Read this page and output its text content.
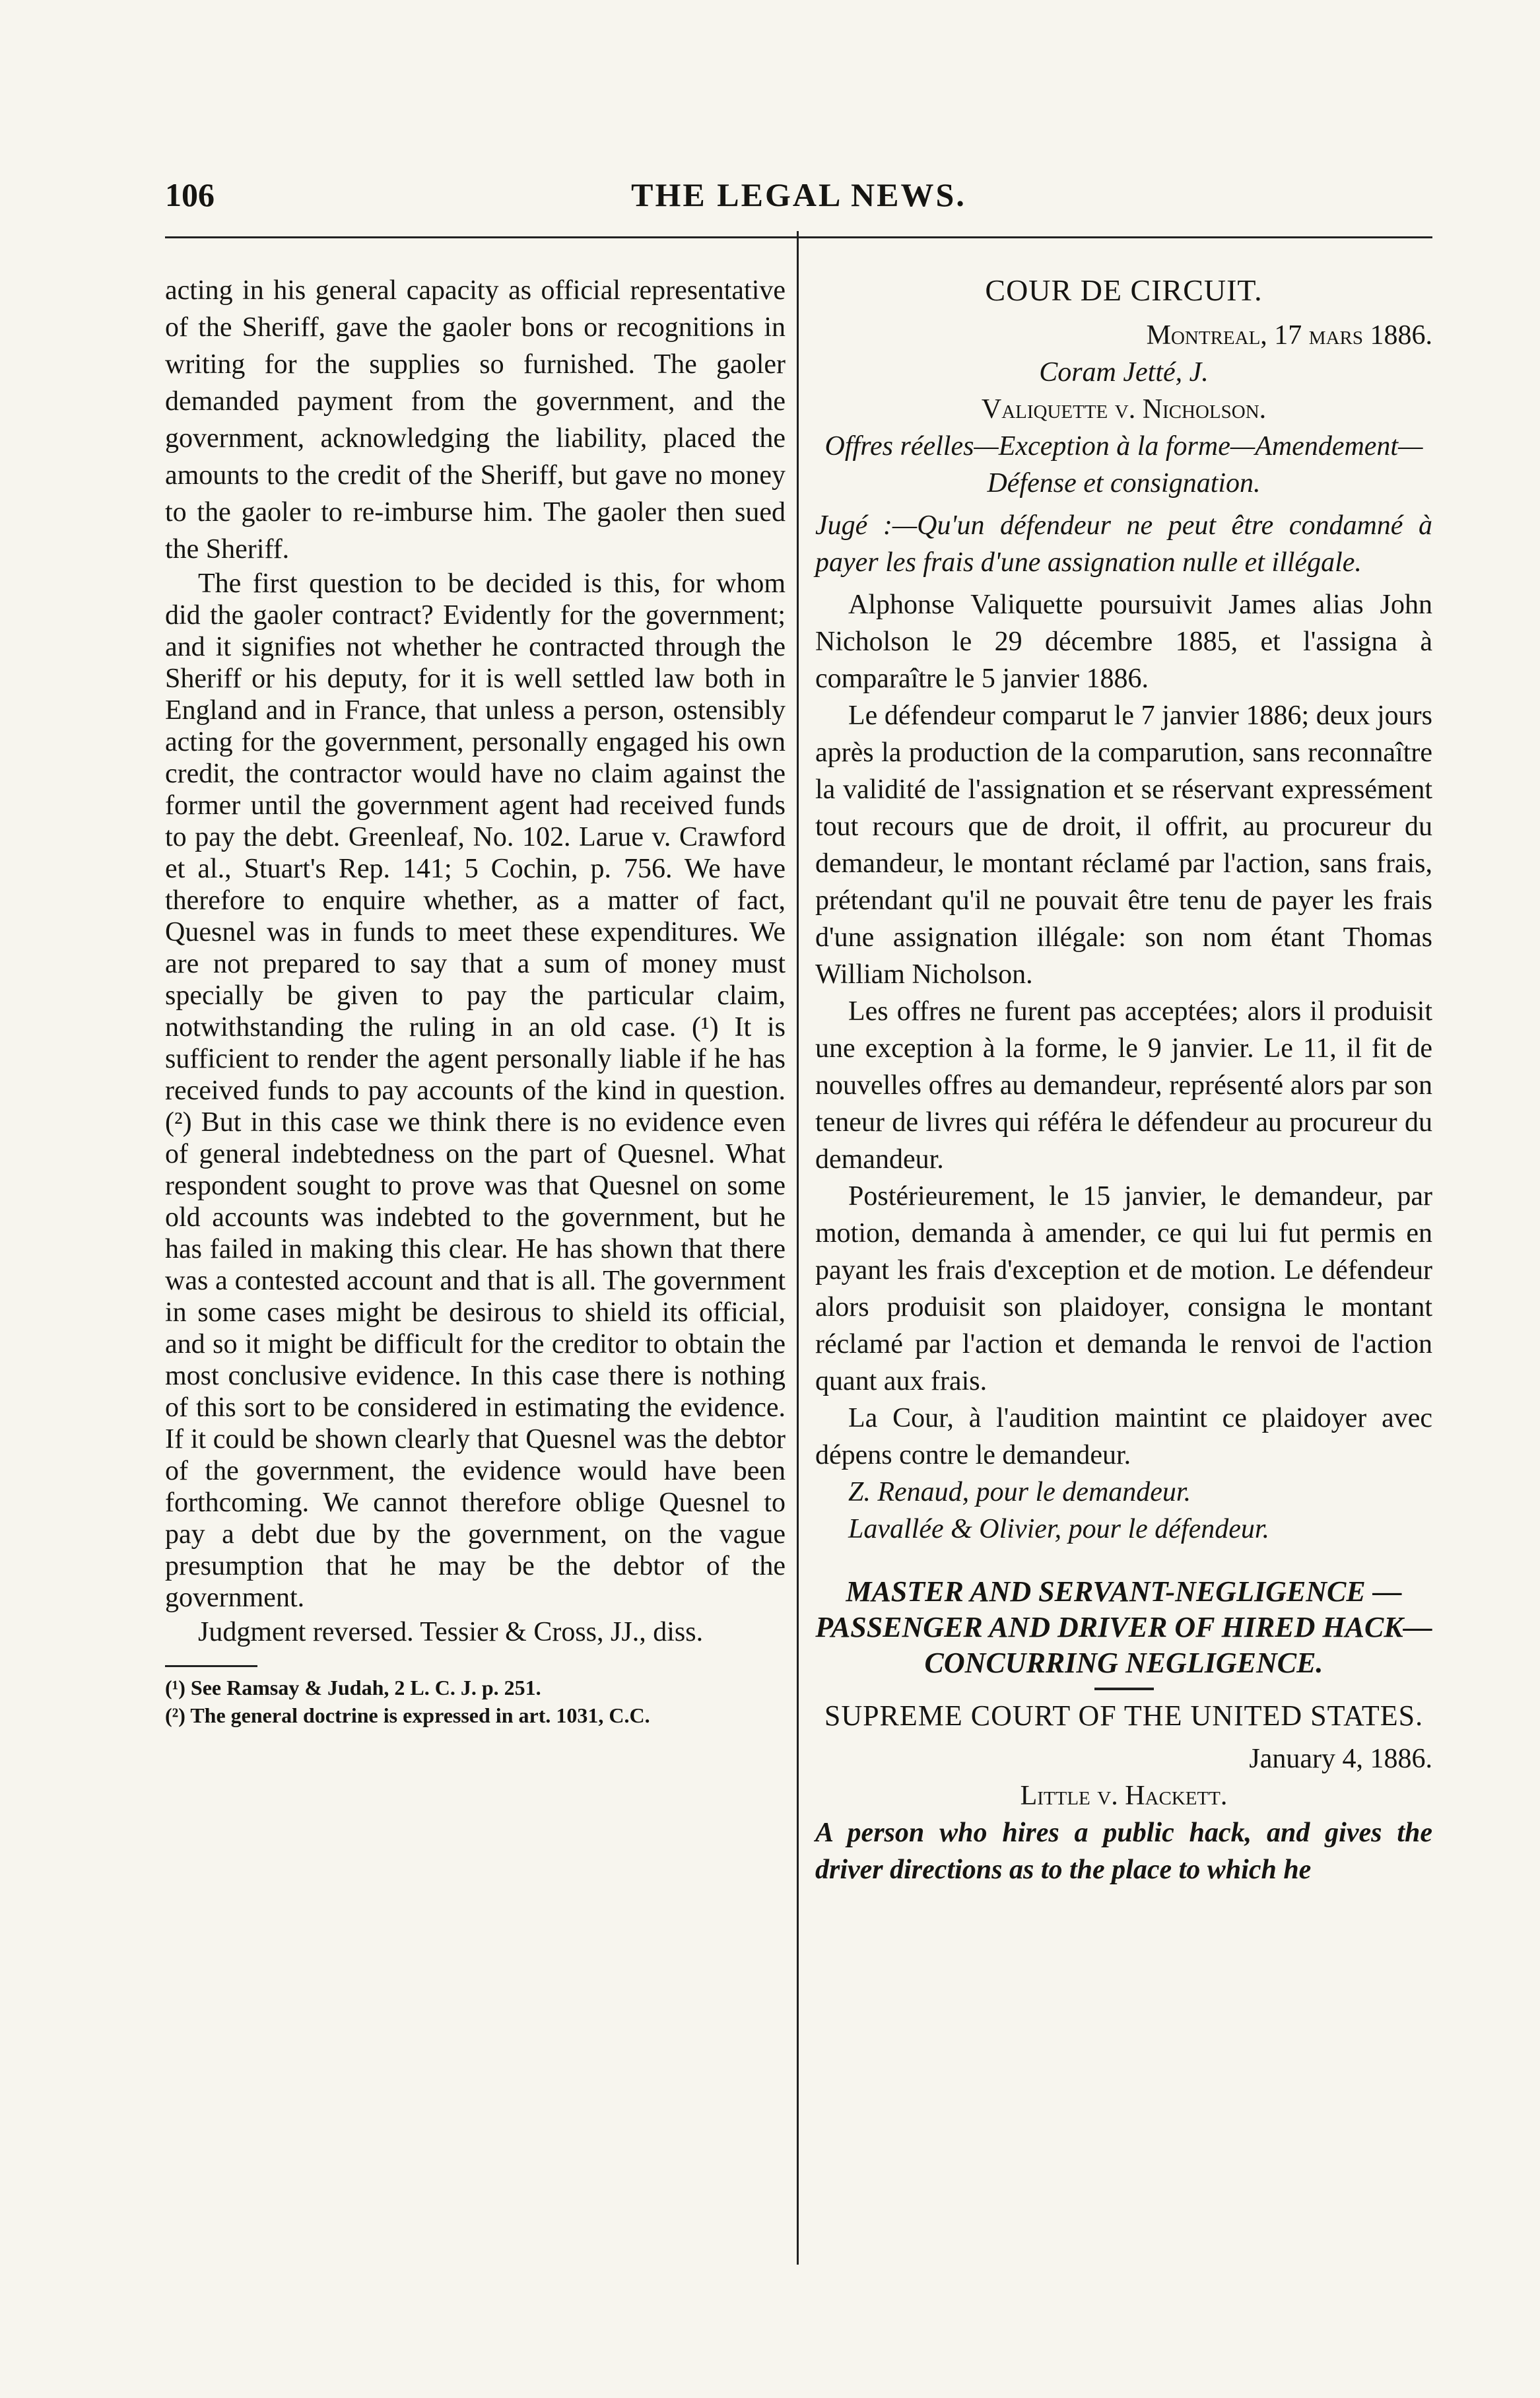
106	THE LEGAL NEWS.

acting in his general capacity as official representative of the Sheriff, gave the gaoler bons or recognitions in writing for the supplies so furnished. The gaoler demanded payment from the government, and the government, acknowledging the liability, placed the amounts to the credit of the Sheriff, but gave no money to the gaoler to re-imburse him. The gaoler then sued the Sheriff.

The first question to be decided is this, for whom did the gaoler contract? Evidently for the government; and it signifies not whether he contracted through the Sheriff or his deputy, for it is well settled law both in England and in France, that unless a person, ostensibly acting for the government, personally engaged his own credit, the contractor would have no claim against the former until the government agent had received funds to pay the debt. Greenleaf, No. 102. Larue v. Crawford et al., Stuart's Rep. 141; 5 Cochin, p. 756. We have therefore to enquire whether, as a matter of fact, Quesnel was in funds to meet these expenditures. We are not prepared to say that a sum of money must specially be given to pay the particular claim, notwithstanding the ruling in an old case. (¹) It is sufficient to render the agent personally liable if he has received funds to pay accounts of the kind in question. (²) But in this case we think there is no evidence even of general indebtedness on the part of Quesnel. What respondent sought to prove was that Quesnel on some old accounts was indebted to the government, but he has failed in making this clear. He has shown that there was a contested account and that is all. The government in some cases might be desirous to shield its official, and so it might be difficult for the creditor to obtain the most conclusive evidence. In this case there is nothing of this sort to be considered in estimating the evidence. If it could be shown clearly that Quesnel was the debtor of the government, the evidence would have been forthcoming. We cannot therefore oblige Quesnel to pay a debt due by the government, on the vague presumption that he may be the debtor of the government.

Judgment reversed. Tessier & Cross, JJ., diss.

(¹) See Ramsay & Judah, 2 L. C. J. p. 251.

(²) The general doctrine is expressed in art. 1031, C.C.

COUR DE CIRCUIT.

Montreal, 17 mars 1886.

Coram Jetté, J.

Valiquette v. Nicholson.

Offres réelles—Exception à la forme—Amendement—Défense et consignation.

Jugé :—Qu'un défendeur ne peut être condamné à payer les frais d'une assignation nulle et illégale.

Alphonse Valiquette poursuivit James alias John Nicholson le 29 décembre 1885, et l'assigna à comparaître le 5 janvier 1886.

Le défendeur comparut le 7 janvier 1886; deux jours après la production de la comparution, sans reconnaître la validité de l'assignation et se réservant expressément tout recours que de droit, il offrit, au procureur du demandeur, le montant réclamé par l'action, sans frais, prétendant qu'il ne pouvait être tenu de payer les frais d'une assignation illégale: son nom étant Thomas William Nicholson.

Les offres ne furent pas acceptées; alors il produisit une exception à la forme, le 9 janvier. Le 11, il fit de nouvelles offres au demandeur, représenté alors par son teneur de livres qui référa le défendeur au procureur du demandeur.

Postérieurement, le 15 janvier, le demandeur, par motion, demanda à amender, ce qui lui fut permis en payant les frais d'exception et de motion. Le défendeur alors produisit son plaidoyer, consigna le montant réclamé par l'action et demanda le renvoi de l'action quant aux frais.

La Cour, à l'audition maintint ce plaidoyer avec dépens contre le demandeur.

Z. Renaud, pour le demandeur.

Lavallée & Olivier, pour le défendeur.

MASTER AND SERVANT-NEGLIGENCE —PASSENGER AND DRIVER OF HIRED HACK—CONCURRING NEGLIGENCE.
SUPREME COURT OF THE UNITED STATES.

January 4, 1886.

Little v. Hackett.

A person who hires a public hack, and gives the driver directions as to the place to which he
